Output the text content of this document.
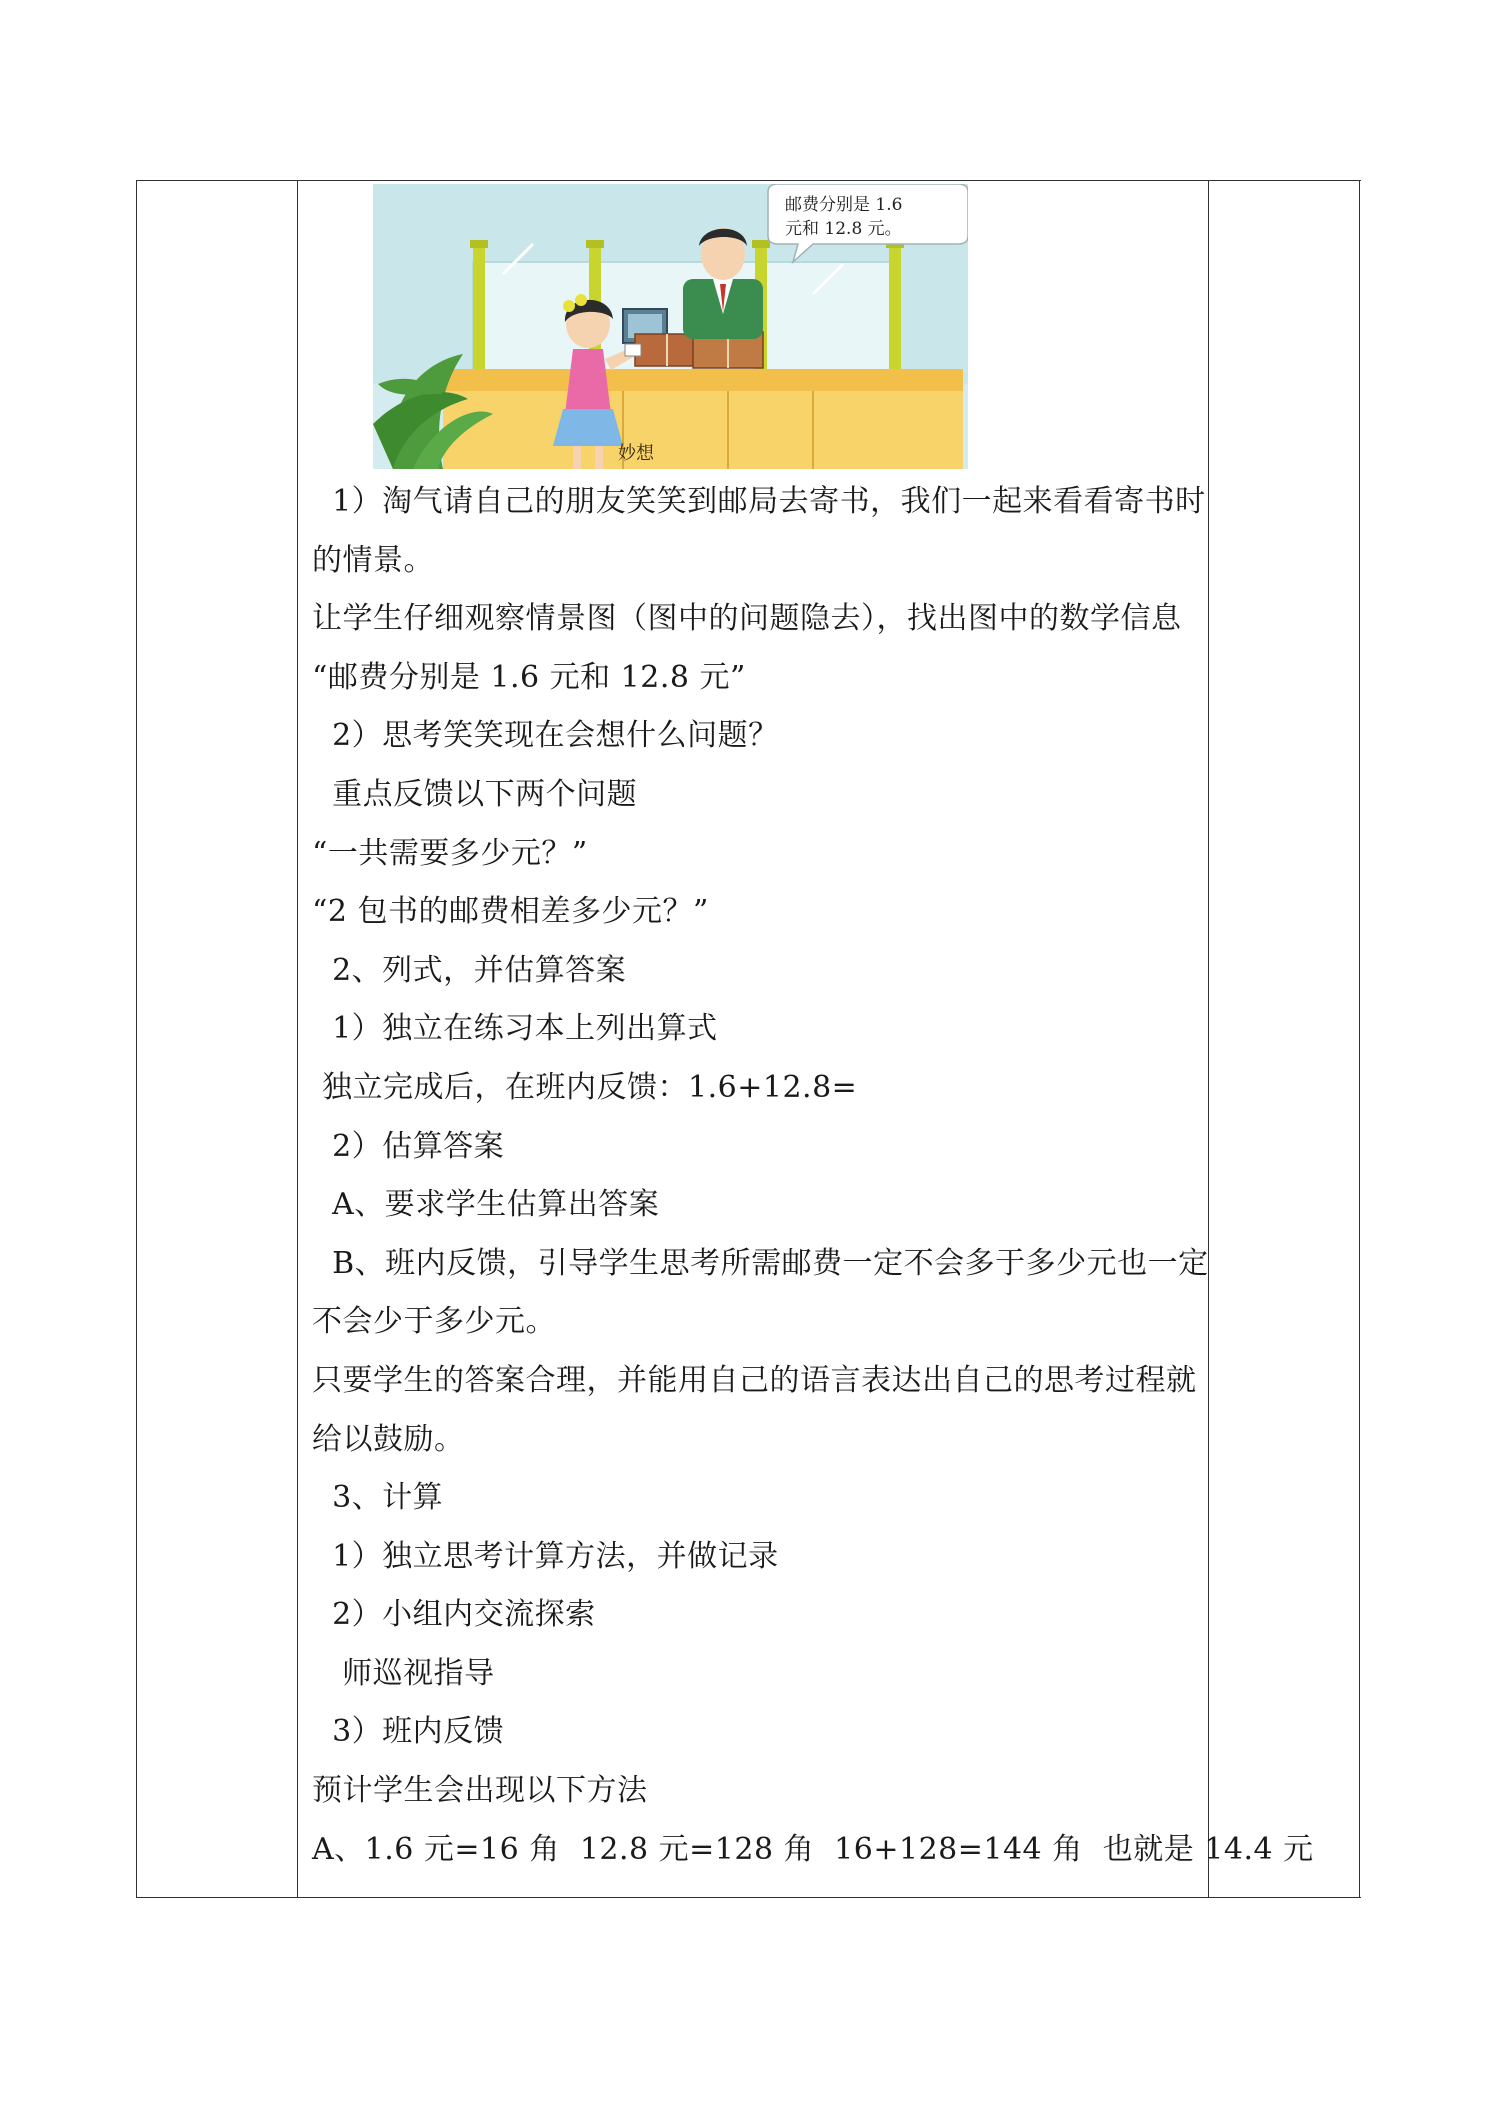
邮费分别是 1.6
元和 12.8 元。
妙想
1）淘气请自己的朋友笑笑到邮局去寄书，我们一起来看看寄书时
的情景。
让学生仔细观察情景图（图中的问题隐去），找出图中的数学信息
“邮费分别是 1.6 元和 12.8 元”
2）思考笑笑现在会想什么问题？
重点反馈以下两个问题
“一共需要多少元？”
“2 包书的邮费相差多少元？”
2、列式，并估算答案
1）独立在练习本上列出算式
独立完成后，在班内反馈：1.6+12.8=
2）估算答案
A、要求学生估算出答案
B、班内反馈，引导学生思考所需邮费一定不会多于多少元也一定
不会少于多少元。
只要学生的答案合理，并能用自己的语言表达出自己的思考过程就
给以鼓励。
3、计算
1）独立思考计算方法，并做记录
2）小组内交流探索
师巡视指导
3）班内反馈
预计学生会出现以下方法
A、1.6 元=16 角  12.8 元=128 角  16+128=144 角  也就是 14.4 元
